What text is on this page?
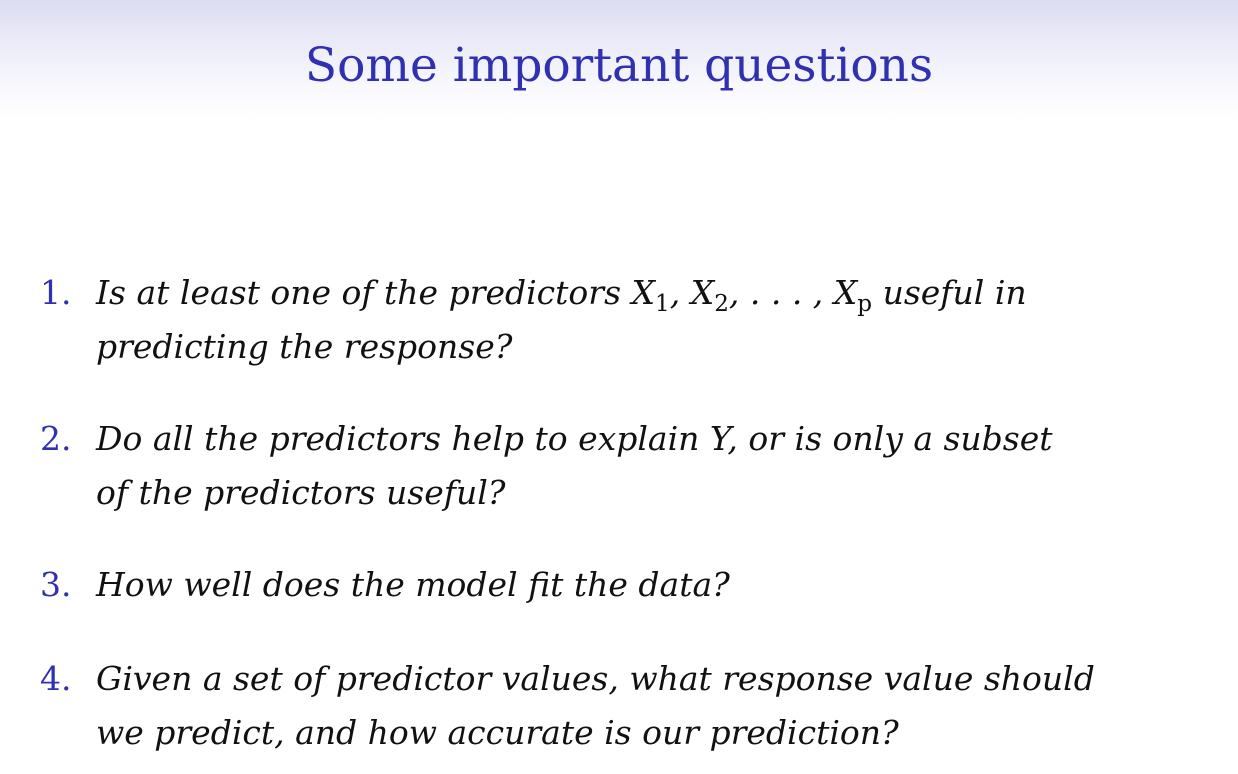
Some important questions
1. Is at least one of the predictors $X_1$, $X_2$, . . . , $X_p$ useful in
predicting the response?
2. Do all the predictors help to explain Y, or is only a subset
of the predictors useful?
3. How well does the model fit the data?
4. Given a set of predictor values, what response value should
we predict, and how accurate is our prediction?
